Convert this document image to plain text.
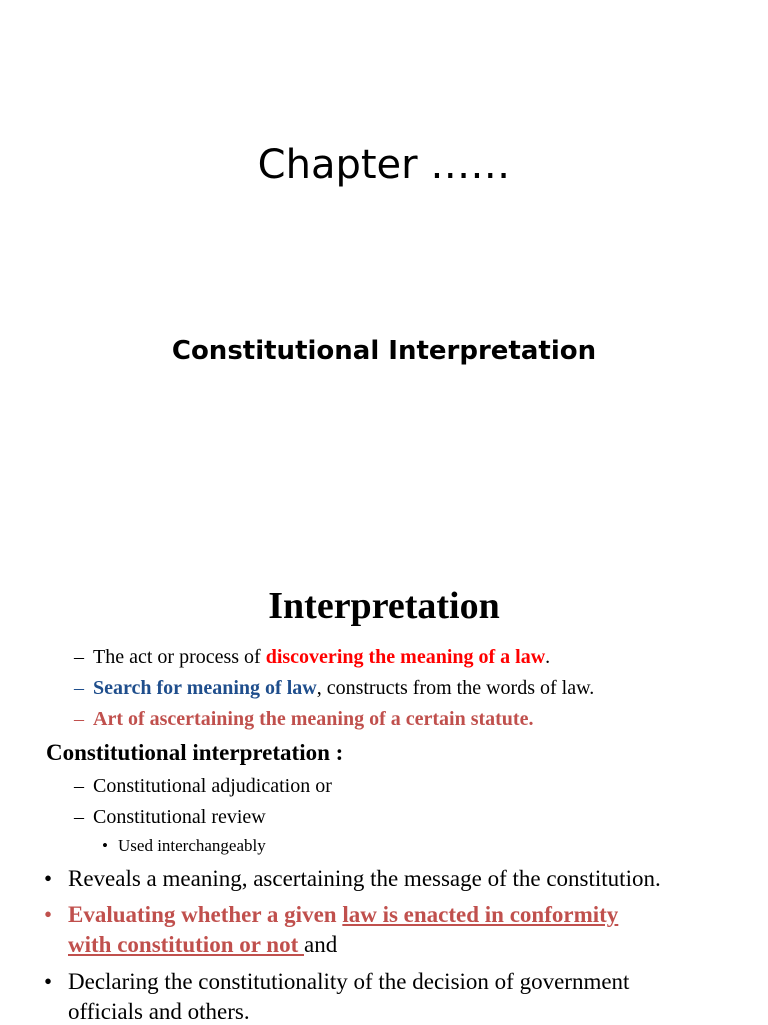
Chapter ……
Constitutional Interpretation
Interpretation
– The act or process of discovering the meaning of a law.
– Search for meaning of law, constructs from the words of law.
– Art of ascertaining the meaning of a certain statute.
Constitutional interpretation :
– Constitutional adjudication or
– Constitutional review
• Used interchangeably
• Reveals a meaning, ascertaining the message of the constitution.
• Evaluating whether a given law is enacted in conformity
with constitution or not and
• Declaring the constitutionality of the decision of government
officials and others.
